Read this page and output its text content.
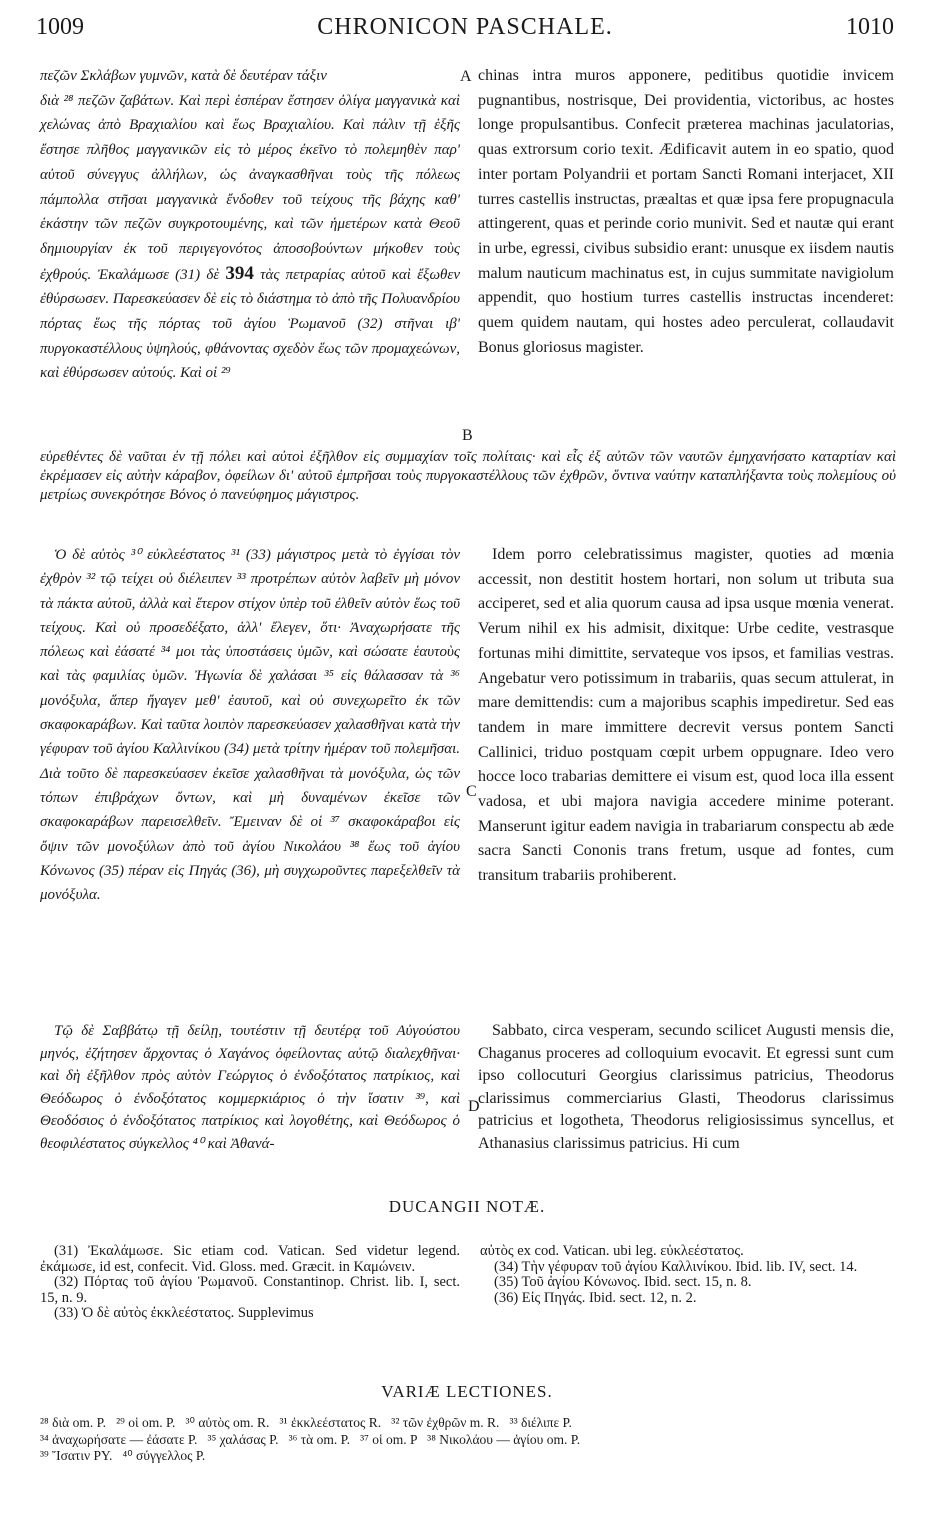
1009	CHRONICON PASCHALE.	1010

πεζῶν Σκλάβων γυμνῶν, κατὰ δὲ δευτέραν τάξιν

διὰ ²⁸ πεζῶν ζαβάτων. Καὶ περὶ ἑσπέραν ἔστησεν ὀλίγα μαγγανικὰ καὶ χελώνας ἀπὸ Βραχιαλίου καὶ ἕως Βραχιαλίου. Καὶ πάλιν τῇ ἑξῆς ἔστησε πλῆθος μαγγανικῶν εἰς τὸ μέρος ἐκεῖνο τὸ πολεμηθὲν παρ' αὐτοῦ σύνεγγυς ἀλλήλων, ὡς ἀναγκασθῆναι τοὺς τῆς πόλεως πάμπολλα στῆσαι μαγγανικὰ ἔνδοθεν τοῦ τείχους τῆς βάχης καθ' ἑκάστην τῶν πεζῶν συγκροτουμένης, καὶ τῶν ἡμετέρων κατὰ Θεοῦ δημιουργίαν ἐκ τοῦ περιγεγονότος ἀποσοβούντων μήκοθεν τοὺς ἐχθρούς. Ἐκαλάμωσε (31) δὲ 394 τὰς πετραρίας αὐτοῦ καὶ ἔξωθεν ἐθύρσωσεν. Παρεσκεύασεν δὲ εἰς τὸ διάστημα τὸ ἀπὸ τῆς Πολυανδρίου πόρτας ἕως τῆς πόρτας τοῦ ἁγίου Ῥωμανοῦ (32) στῆναι ιβ' πυργοκαστέλλους ὑψηλούς, φθάνοντας σχεδὸν ἕως τῶν προμαχεώνων, καὶ ἐθύρσωσεν αὐτούς. Καὶ οἱ ²⁹

A
B
C
D

chinas intra muros apponere, peditibus quotidie invicem pugnantibus, nostrisque, Dei providentia, victoribus, ac hostes longe propulsantibus. Confecit præterea machinas jaculatorias, quas extrorsum corio texit. Ædificavit autem in eo spatio, quod inter portam Polyandrii et portam Sancti Romani interjacet, XII turres castellis instructas, præaltas et quæ ipsa fere propugnacula attingerent, quas et perinde corio munivit. Sed et nautæ qui erant in urbe, egressi, civibus subsidio erant: unusque ex iisdem nautis malum nauticum machinatus est, in cujus summitate navigiolum appendit, quo hostium turres castellis instructas incenderet: quem quidem nautam, qui hostes adeo perculerat, collaudavit Bonus gloriosus magister.

εὑρεθέντες δὲ ναῦται ἐν τῇ πόλει καὶ αὐτοὶ ἐξῆλθον εἰς συμμαχίαν τοῖς πολίταις· καὶ εἷς ἐξ αὐτῶν τῶν ναυτῶν ἐμηχανήσατο καταρτίαν καὶ ἐκρέμασεν εἰς αὐτὴν κάραβον, ὀφείλων δι' αὐτοῦ ἐμπρῆσαι τοὺς πυργοκαστέλλους τῶν ἐχθρῶν, ὅντινα ναύτην καταπλήξαντα τοὺς πολεμίους οὐ μετρίως συνεκρότησε Βόνος ὁ πανεύφημος μάγιστρος.

Ὁ δὲ αὐτὸς ³⁰ εὐκλεέστατος ³¹ (33) μάγιστρος μετὰ τὸ ἐγγίσαι τὸν ἐχθρὸν ³² τῷ τείχει οὐ διέλειπεν ³³ προτρέπων αὐτὸν λαβεῖν μὴ μόνον τὰ πάκτα αὐτοῦ, ἀλλὰ καὶ ἕτερον στίχον ὑπὲρ τοῦ ἐλθεῖν αὐτὸν ἕως τοῦ τείχους. Καὶ οὐ προσεδέξατο, ἀλλ' ἔλεγεν, ὅτι· Ἀναχωρήσατε τῆς πόλεως καὶ ἐάσατέ ³⁴ μοι τὰς ὑποστάσεις ὑμῶν, καὶ σώσατε ἑαυτοὺς καὶ τὰς φαμιλίας ὑμῶν. Ἠγωνία δὲ χαλάσαι ³⁵ εἰς θάλασσαν τὰ ³⁶ μονόξυλα, ἅπερ ἤγαγεν μεθ' ἑαυτοῦ, καὶ οὐ συνεχωρεῖτο ἐκ τῶν σκαφοκαράβων. Καὶ ταῦτα λοιπὸν παρεσκεύασεν χαλασθῆναι κατὰ τὴν γέφυραν τοῦ ἁγίου Καλλινίκου (34) μετὰ τρίτην ἡμέραν τοῦ πολεμῆσαι. Διὰ τοῦτο δὲ παρεσκεύασεν ἐκεῖσε χαλασθῆναι τὰ μονόξυλα, ὡς τῶν τόπων ἐπιβράχων ὄντων, καὶ μὴ δυναμένων ἐκεῖσε τῶν σκαφοκαράβων παρεισελθεῖν. Ἔμειναν δὲ οἱ ³⁷ σκαφοκάραβοι εἰς ὄψιν τῶν μονοξύλων ἀπὸ τοῦ ἁγίου Νικολάου ³⁸ ἕως τοῦ ἁγίου Κόνωνος (35) πέραν εἰς Πηγάς (36), μὴ συγχωροῦντες παρεξελθεῖν τὰ μονόξυλα.

Idem porro celebratissimus magister, quoties ad mœnia accessit, non destitit hostem hortari, non solum ut tributa sua acciperet, sed et alia quorum causa ad ipsa usque mœnia venerat. Verum nihil ex his admisit, dixitque: Urbe cedite, vestrasque fortunas mihi dimittite, servateque vos ipsos, et familias vestras. Angebatur vero potissimum in trabariis, quas secum attulerat, in mare demittendis: cum a majoribus scaphis impediretur. Sed eas tandem in mare immittere decrevit versus pontem Sancti Callinici, triduo postquam cœpit urbem oppugnare. Ideo vero hocce loco trabarias demittere ei visum est, quod loca illa essent vadosa, et ubi majora navigia accedere minime poterant. Manserunt igitur eadem navigia in trabariarum conspectu ab æde sacra Sancti Cononis trans fretum, usque ad fontes, cum transitum trabariis prohiberent.

Τῷ δὲ Σαββάτῳ τῇ δείλῃ, τουτέστιν τῇ δευτέρᾳ τοῦ Αὐγούστου μηνός, ἐζήτησεν ἄρχοντας ὁ Χαγάνος ὀφείλοντας αὐτῷ διαλεχθῆναι· καὶ δὴ ἐξῆλθον πρὸς αὐτὸν Γεώργιος ὁ ἐνδοξότατος πατρίκιος, καὶ Θεόδωρος ὁ ἐνδοξότατος κομμερκιάριος ὁ τὴν ἴσατιν ³⁹, καὶ Θεοδόσιος ὁ ἐνδοξότατος πατρίκιος καὶ λογοθέτης, καὶ Θεόδωρος ὁ θεοφιλέστατος σύγκελλος ⁴⁰ καὶ Ἀθανά-

Sabbato, circa vesperam, secundo scilicet Augusti mensis die, Chaganus proceres ad colloquium evocavit. Et egressi sunt cum ipso collocuturi Georgius clarissimus patricius, Theodorus clarissimus commerciarius Glasti, Theodorus clarissimus patricius et logotheta, Theodorus religiosissimus syncellus, et Athanasius clarissimus patricius. Hi cum

DUCANGII NOTÆ.

(31) Ἐκαλάμωσε. Sic etiam cod. Vatican. Sed videtur legend. ἐκάμωσε, id est, confecit. Vid. Gloss. med. Græcit. in Καμώνειν.

(32) Πόρτας τοῦ ἁγίου Ῥωμανοῦ. Constantinop. Christ. lib. I, sect. 15, n. 9.

(33) Ὁ δὲ αὐτὸς ἐκκλεέστατος. Supplevimus

αὐτὸς ex cod. Vatican. ubi leg. εὐκλεέστατος.

(34) Τὴν γέφυραν τοῦ ἁγίου Καλλινίκου. Ibid. lib. IV, sect. 14.

(35) Τοῦ ἁγίου Κόνωνος. Ibid. sect. 15, n. 8.

(36) Εἰς Πηγάς. Ibid. sect. 12, n. 2.

VARIÆ LECTIONES.
²⁸ διὰ om. P.   ²⁹ οἱ om. P.   ³⁰ αὐτὸς om. R.   ³¹ ἐκκλεέστατος R.   ³² τῶν ἐχθρῶν m. R.   ³³ διέλιπε P.
³⁴ ἀναχωρήσατε — ἐάσατε P.   ³⁵ χαλάσας P.   ³⁶ τὰ om. P.   ³⁷ οἱ om. P   ³⁸ Νικολάου — ἁγίου om. P.
³⁹ Ἴσατιν PY.   ⁴⁰ σύγγελλος P.
